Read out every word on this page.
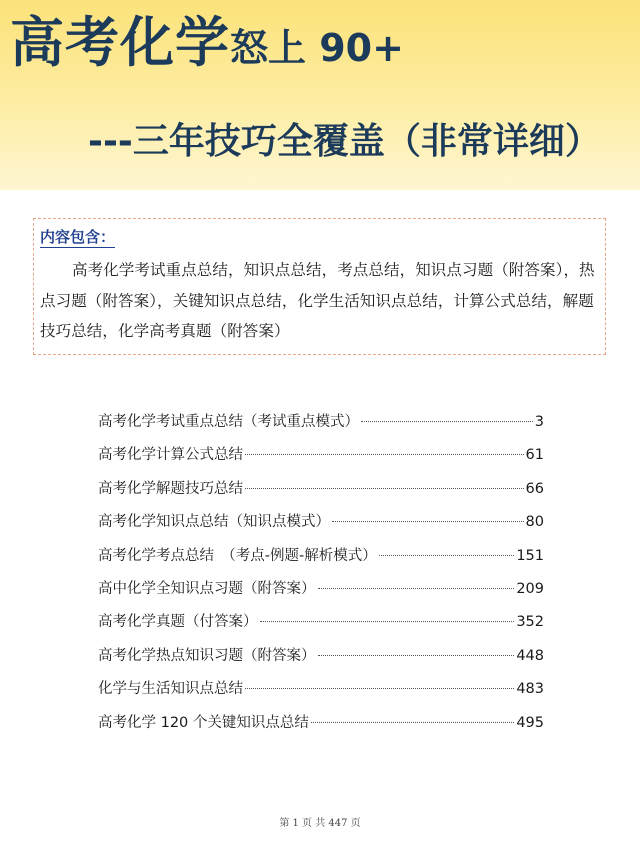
高考化学怒上 90+
---三年技巧全覆盖（非常详细）
内容包含：
高考化学考试重点总结，知识点总结，考点总结，知识点习题（附答案），热点习题（附答案），关键知识点总结，化学生活知识点总结，计算公式总结，解题技巧总结，化学高考真题（附答案）
高考化学考试重点总结（考试重点模式）	3
高考化学计算公式总结	61
高考化学解题技巧总结	66
高考化学知识点总结（知识点模式）	80
高考化学考点总结　（考点-例题-解析模式）	151
高中化学全知识点习题（附答案）	209
高考化学真题（付答案）	352
高考化学热点知识习题（附答案）	448
化学与生活知识点总结	483
高考化学 120 个关键知识点总结	495
第 1 页 共 447 页
